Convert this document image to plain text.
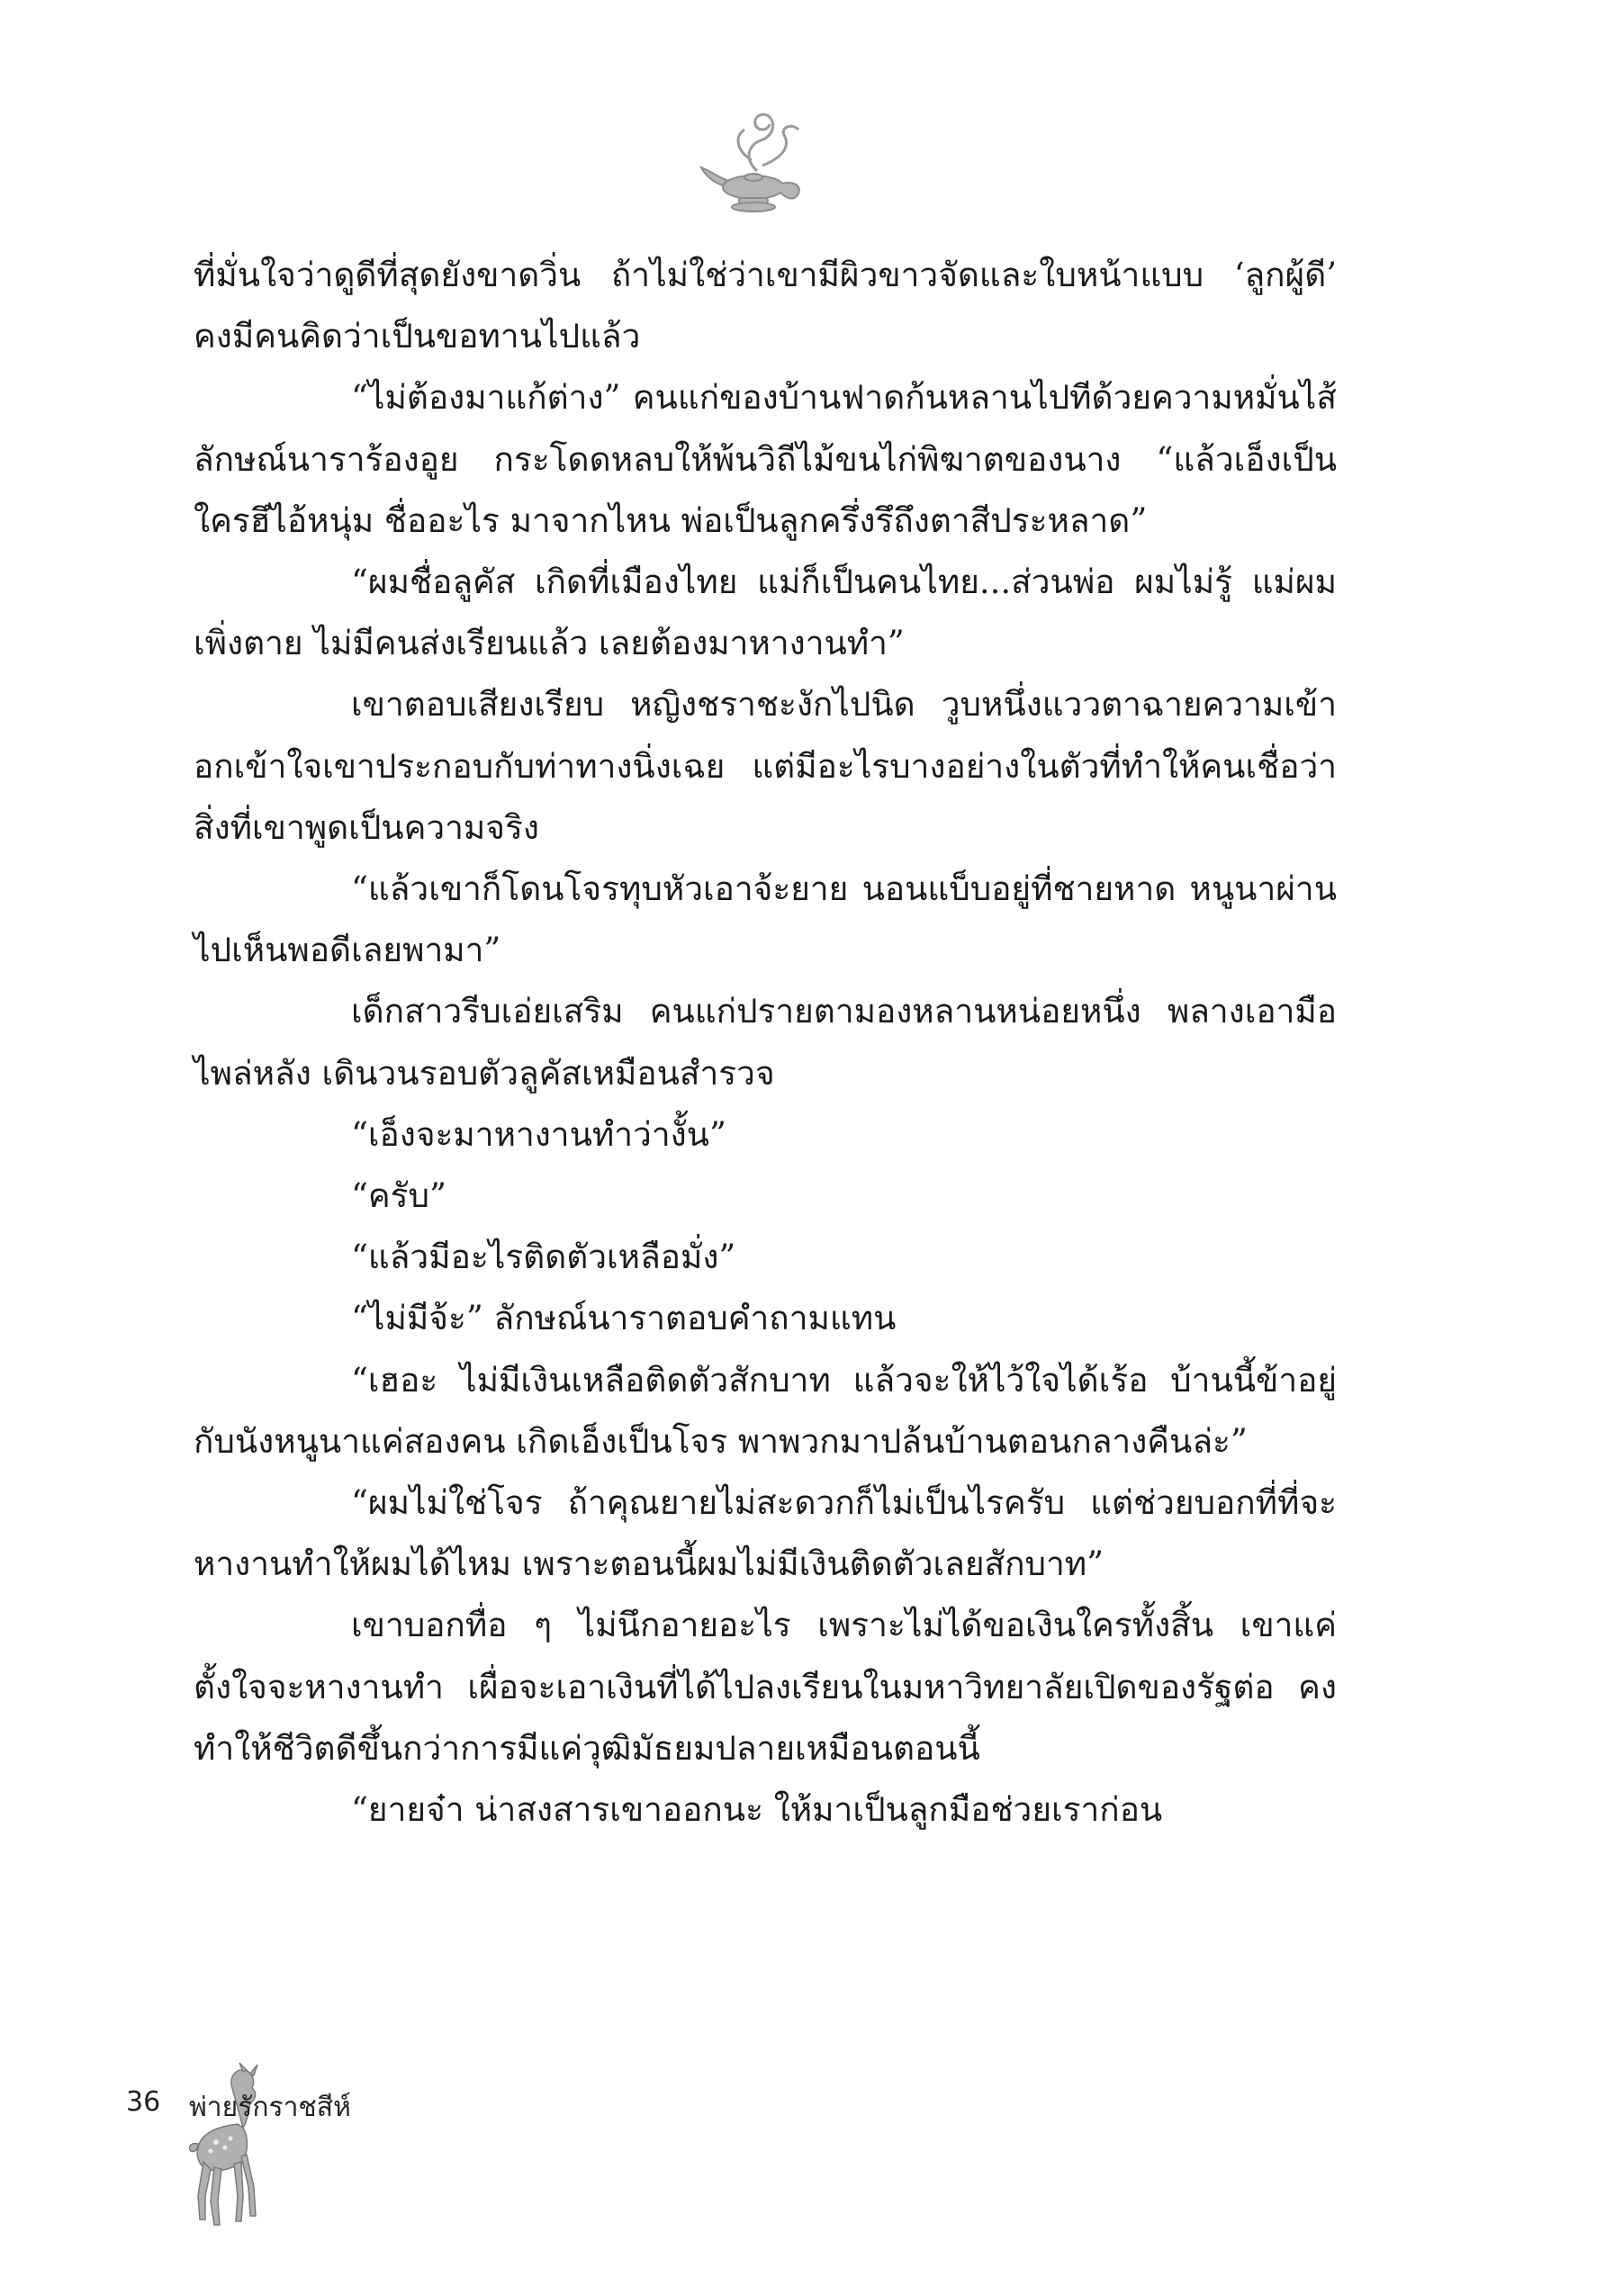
ที่มั่นใจว่าดูดีที่สุดยังขาดวิ่น ถ้าไม่ใช่ว่าเขามีผิวขาวจัดและใบหน้าแบบ ‘ลูกผู้ดี’ คงมีคนคิดว่าเป็นขอทานไปแล้ว

“ไม่ต้องมาแก้ต่าง” คนแก่ของบ้านฟาดก้นหลานไปทีด้วยความหมั่นไส้ ลักษณ์นาราร้องอูย กระโดดหลบให้พ้นวิถีไม้ขนไก่พิฆาตของนาง “แล้วเอ็งเป็นใครฮึไอ้หนุ่ม ชื่ออะไร มาจากไหน พ่อเป็นลูกครึ่งรึถึงตาสีประหลาด”

“ผมชื่อลูคัส เกิดที่เมืองไทย แม่ก็เป็นคนไทย...ส่วนพ่อ ผมไม่รู้ แม่ผมเพิ่งตาย ไม่มีคนส่งเรียนแล้ว เลยต้องมาหางานทำ”

เขาตอบเสียงเรียบ หญิงชราชะงักไปนิด วูบหนึ่งแววตาฉายความเข้าอกเข้าใจเขาประกอบกับท่าทางนิ่งเฉย แต่มีอะไรบางอย่างในตัวที่ทำให้คนเชื่อว่าสิ่งที่เขาพูดเป็นความจริง

“แล้วเขาก็โดนโจรทุบหัวเอาจ้ะยาย นอนแบ็บอยู่ที่ชายหาด หนูนาผ่านไปเห็นพอดีเลยพามา”

เด็กสาวรีบเอ่ยเสริม คนแก่ปรายตามองหลานหน่อยหนึ่ง พลางเอามือไพล่หลัง เดินวนรอบตัวลูคัสเหมือนสำรวจ

“เอ็งจะมาหางานทำว่างั้น”

“ครับ”

“แล้วมีอะไรติดตัวเหลือมั่ง”

“ไม่มีจ้ะ” ลักษณ์นาราตอบคำถามแทน

“เฮอะ ไม่มีเงินเหลือติดตัวสักบาท แล้วจะให้ไว้ใจได้เร้อ บ้านนี้ข้าอยู่กับนังหนูนาแค่สองคน เกิดเอ็งเป็นโจร พาพวกมาปล้นบ้านตอนกลางคืนล่ะ”

“ผมไม่ใช่โจร ถ้าคุณยายไม่สะดวกก็ไม่เป็นไรครับ แต่ช่วยบอกที่ที่จะหางานทำให้ผมได้ไหม เพราะตอนนี้ผมไม่มีเงินติดตัวเลยสักบาท”

เขาบอกทื่อ ๆ ไม่นึกอายอะไร เพราะไม่ได้ขอเงินใครทั้งสิ้น เขาแค่ตั้งใจจะหางานทำ เผื่อจะเอาเงินที่ได้ไปลงเรียนในมหาวิทยาลัยเปิดของรัฐต่อ คงทำให้ชีวิตดีขึ้นกว่าการมีแค่วุฒิมัธยมปลายเหมือนตอนนี้

“ยายจ๋า น่าสงสารเขาออกนะ ให้มาเป็นลูกมือช่วยเราก่อน

36 พ่ายรักราชสีห์
